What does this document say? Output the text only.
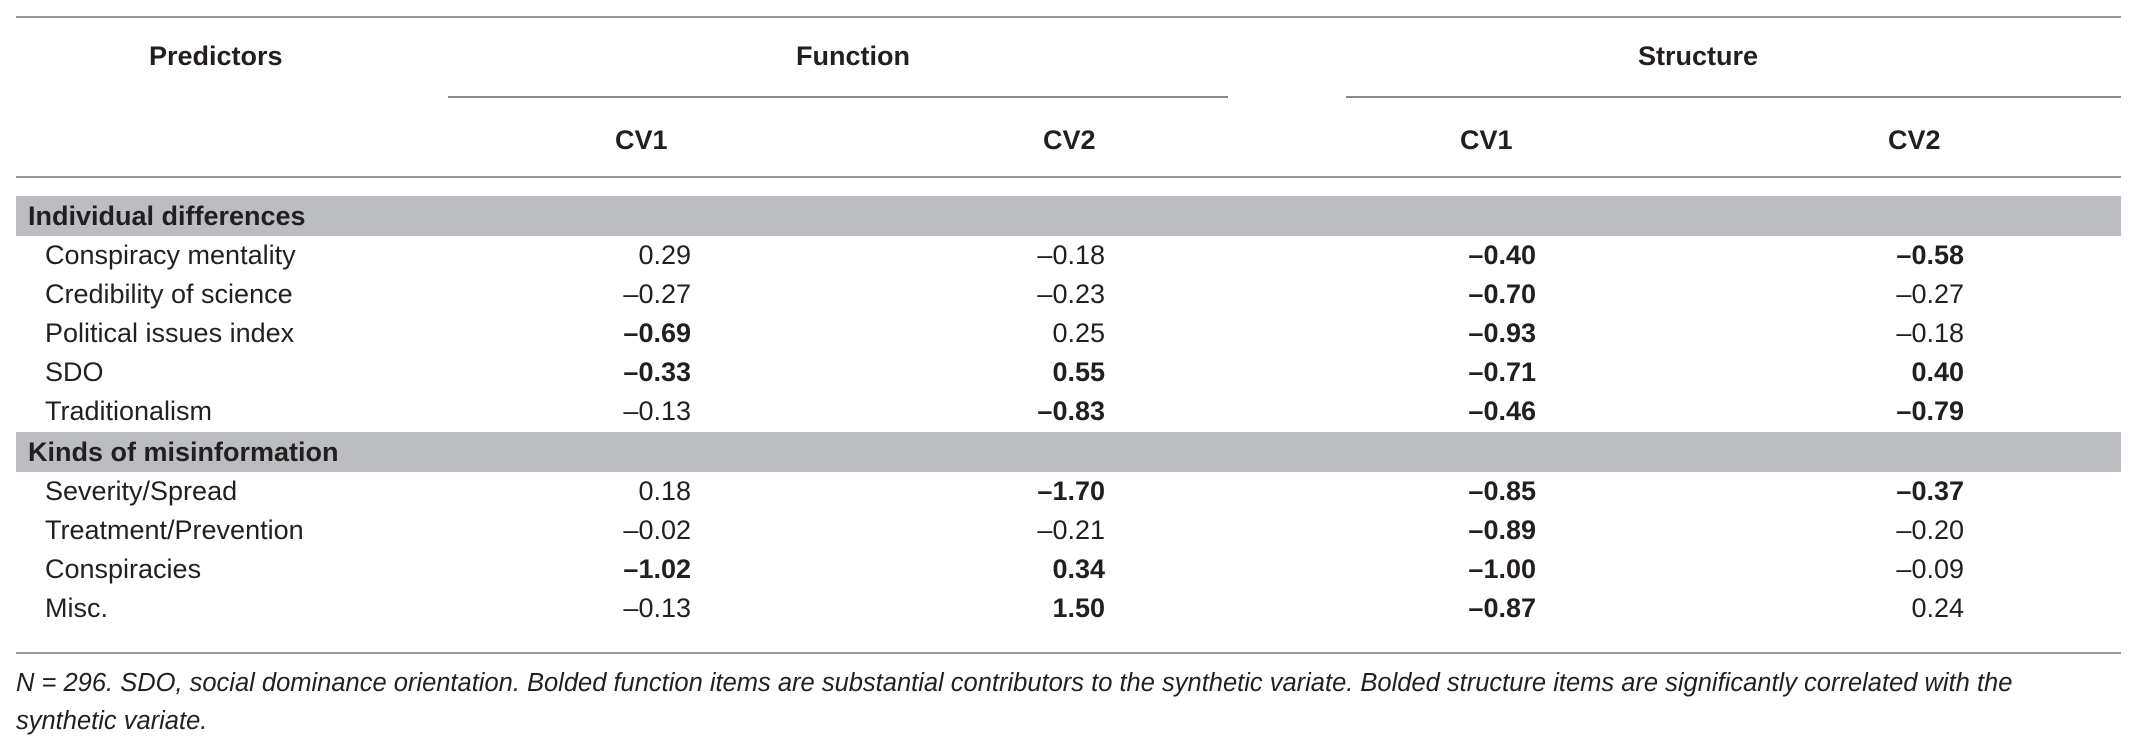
Predictors	Function	Structure
CV1	CV2	CV1	CV2
Individual differences
Conspiracy mentality	0.29	–0.18	–0.40	–0.58
Credibility of science	–0.27	–0.23	–0.70	–0.27
Political issues index	–0.69	0.25	–0.93	–0.18
SDO	–0.33	0.55	–0.71	0.40
Traditionalism	–0.13	–0.83	–0.46	–0.79
Kinds of misinformation
Severity/Spread	0.18	–1.70	–0.85	–0.37
Treatment/Prevention	–0.02	–0.21	–0.89	–0.20
Conspiracies	–1.02	0.34	–1.00	–0.09
Misc.	–0.13	1.50	–0.87	0.24
N = 296. SDO, social dominance orientation. Bolded function items are substantial contributors to the synthetic variate. Bolded structure items are significantly correlated with the synthetic variate.
